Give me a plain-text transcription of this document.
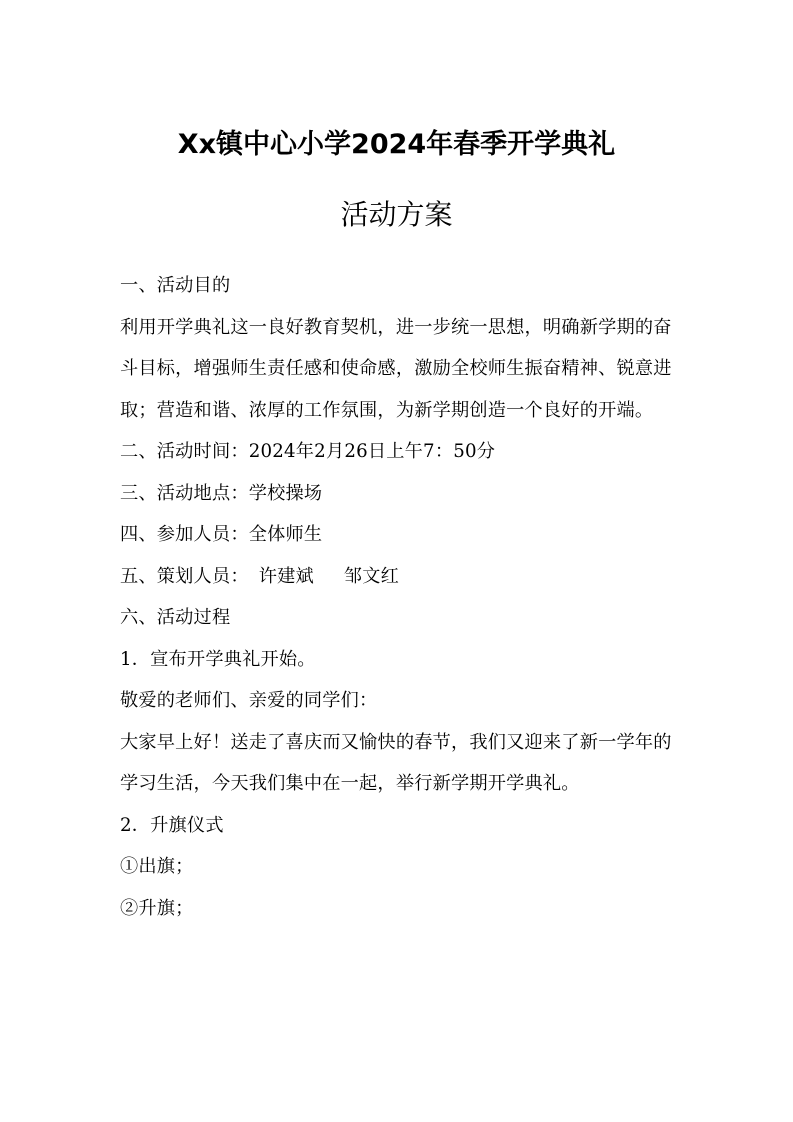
Xx镇中心小学2024年春季开学典礼
活动方案

一、活动目的

利用开学典礼这一良好教育契机，进一步统一思想，明确新学期的奋斗目标，增强师生责任感和使命感，激励全校师生振奋精神、锐意进取；营造和谐、浓厚的工作氛围，为新学期创造一个良好的开端。

二、活动时间：2024年2月26日上午7：50分

三、活动地点：学校操场

四、参加人员：全体师生

五、策划人员： 许建斌 邹文红

六、活动过程

1．宣布开学典礼开始。

敬爱的老师们、亲爱的同学们：

大家早上好！送走了喜庆而又愉快的春节，我们又迎来了新一学年的学习生活，今天我们集中在一起，举行新学期开学典礼。

2．升旗仪式

①出旗；

②升旗；
